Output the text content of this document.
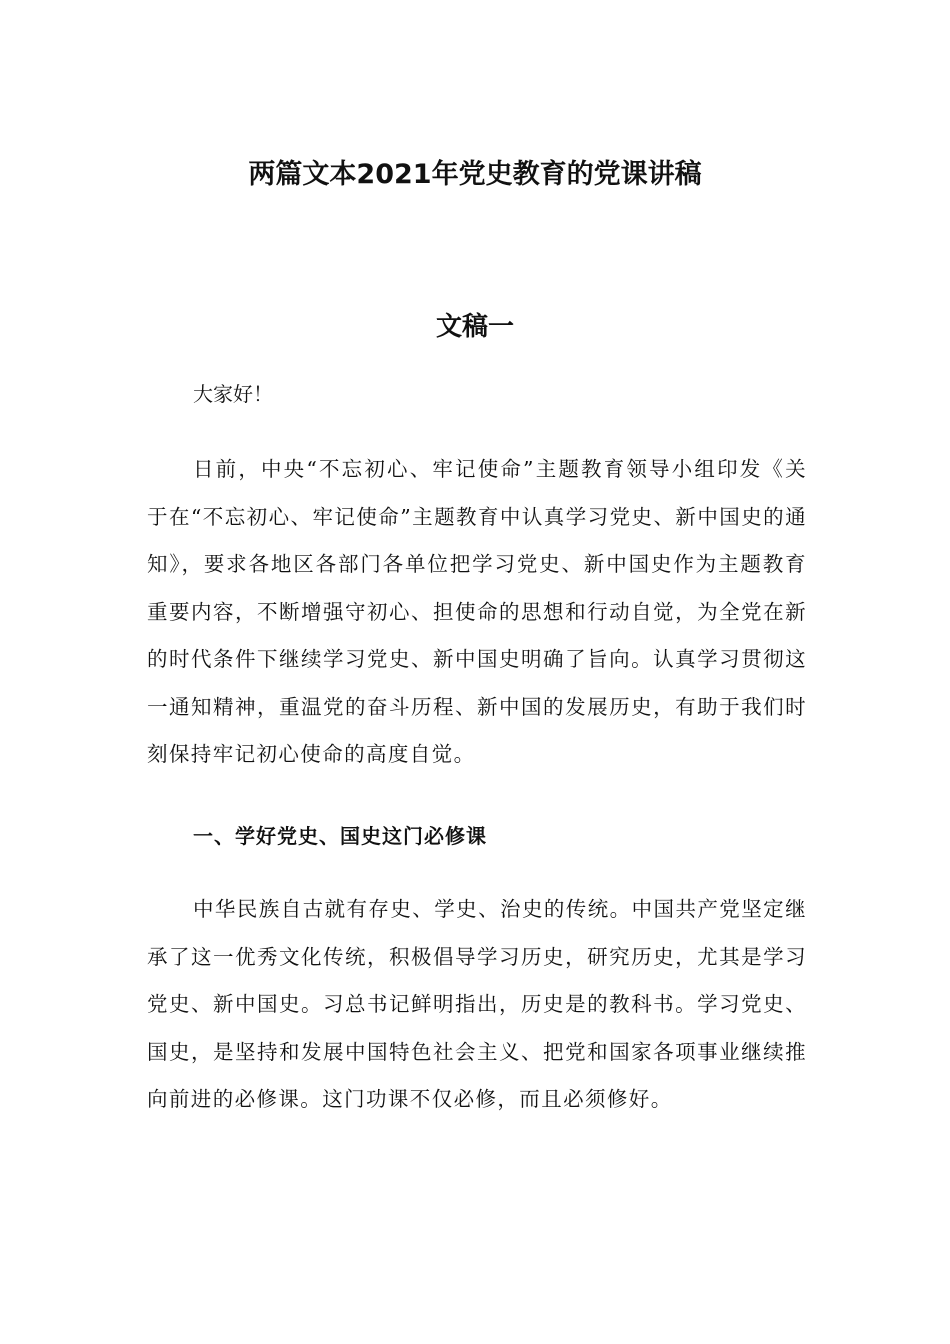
两篇文本2021年党史教育的党课讲稿
文稿一

大家好！

日前，中央“不忘初心、牢记使命”主题教育领导小组印发《关于在“不忘初心、牢记使命”主题教育中认真学习党史、新中国史的通知》，要求各地区各部门各单位把学习党史、新中国史作为主题教育重要内容，不断增强守初心、担使命的思想和行动自觉，为全党在新的时代条件下继续学习党史、新中国史明确了旨向。认真学习贯彻这一通知精神，重温党的奋斗历程、新中国的发展历史，有助于我们时刻保持牢记初心使命的高度自觉。

一、学好党史、国史这门必修课

中华民族自古就有存史、学史、治史的传统。中国共产党坚定继承了这一优秀文化传统，积极倡导学习历史，研究历史，尤其是学习党史、新中国史。习总书记鲜明指出，历史是的教科书。学习党史、国史，是坚持和发展中国特色社会主义、把党和国家各项事业继续推向前进的必修课。这门功课不仅必修，而且必须修好。
